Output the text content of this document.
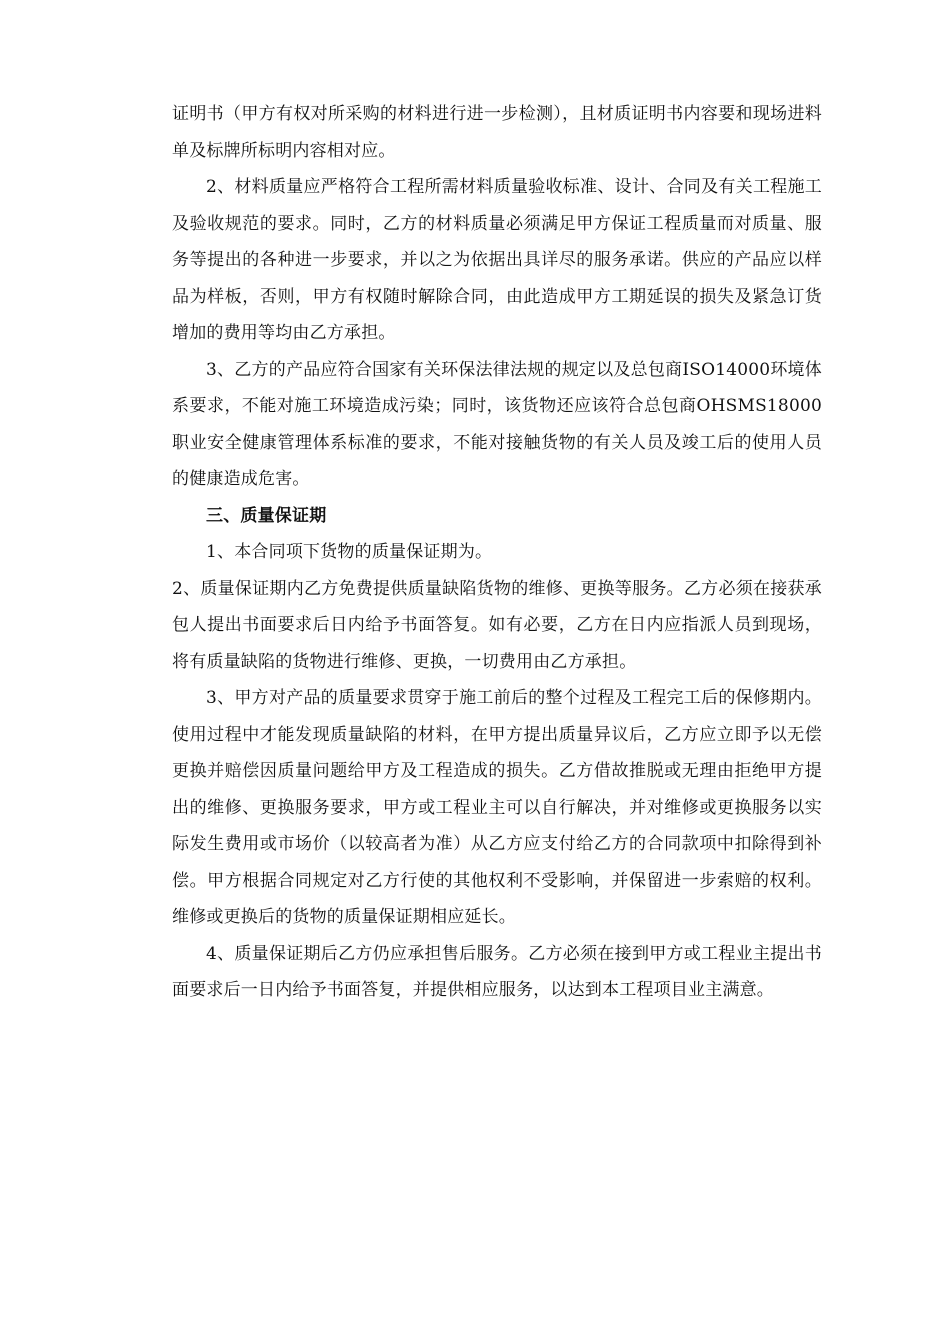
证明书（甲方有权对所采购的材料进行进一步检测），且材质证明书内容要和现场进料单及标牌所标明内容相对应。

2、材料质量应严格符合工程所需材料质量验收标准、设计、合同及有关工程施工及验收规范的要求。同时，乙方的材料质量必须满足甲方保证工程质量而对质量、服务等提出的各种进一步要求，并以之为依据出具详尽的服务承诺。供应的产品应以样品为样板，否则，甲方有权随时解除合同，由此造成甲方工期延误的损失及紧急订货增加的费用等均由乙方承担。

3、乙方的产品应符合国家有关环保法律法规的规定以及总包商ISO14000环境体系要求，不能对施工环境造成污染；同时，该货物还应该符合总包商OHSMS18000职业安全健康管理体系标准的要求，不能对接触货物的有关人员及竣工后的使用人员的健康造成危害。

三、质量保证期

1、本合同项下货物的质量保证期为。

2、质量保证期内乙方免费提供质量缺陷货物的维修、更换等服务。乙方必须在接获承包人提出书面要求后日内给予书面答复。如有必要，乙方在日内应指派人员到现场，将有质量缺陷的货物进行维修、更换，一切费用由乙方承担。

3、甲方对产品的质量要求贯穿于施工前后的整个过程及工程完工后的保修期内。使用过程中才能发现质量缺陷的材料，在甲方提出质量异议后，乙方应立即予以无偿更换并赔偿因质量问题给甲方及工程造成的损失。乙方借故推脱或无理由拒绝甲方提出的维修、更换服务要求，甲方或工程业主可以自行解决，并对维修或更换服务以实际发生费用或市场价（以较高者为准）从乙方应支付给乙方的合同款项中扣除得到补偿。甲方根据合同规定对乙方行使的其他权利不受影响，并保留进一步索赔的权利。维修或更换后的货物的质量保证期相应延长。

4、质量保证期后乙方仍应承担售后服务。乙方必须在接到甲方或工程业主提出书面要求后一日内给予书面答复，并提供相应服务，以达到本工程项目业主满意。
